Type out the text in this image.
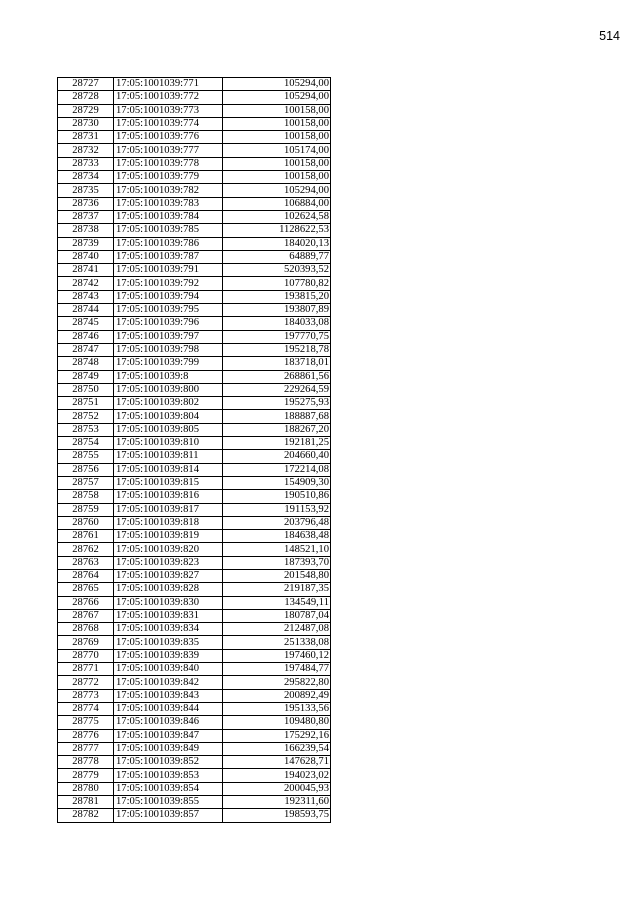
514
28727	17:05:1001039:771	105294,00
28728	17:05:1001039:772	105294,00
28729	17:05:1001039:773	100158,00
28730	17:05:1001039:774	100158,00
28731	17:05:1001039:776	100158,00
28732	17:05:1001039:777	105174,00
28733	17:05:1001039:778	100158,00
28734	17:05:1001039:779	100158,00
28735	17:05:1001039:782	105294,00
28736	17:05:1001039:783	106884,00
28737	17:05:1001039:784	102624,58
28738	17:05:1001039:785	1128622,53
28739	17:05:1001039:786	184020,13
28740	17:05:1001039:787	64889,77
28741	17:05:1001039:791	520393,52
28742	17:05:1001039:792	107780,82
28743	17:05:1001039:794	193815,20
28744	17:05:1001039:795	193807,89
28745	17:05:1001039:796	184033,08
28746	17:05:1001039:797	197770,75
28747	17:05:1001039:798	195218,78
28748	17:05:1001039:799	183718,01
28749	17:05:1001039:8	268861,56
28750	17:05:1001039:800	229264,59
28751	17:05:1001039:802	195275,93
28752	17:05:1001039:804	188887,68
28753	17:05:1001039:805	188267,20
28754	17:05:1001039:810	192181,25
28755	17:05:1001039:811	204660,40
28756	17:05:1001039:814	172214,08
28757	17:05:1001039:815	154909,30
28758	17:05:1001039:816	190510,86
28759	17:05:1001039:817	191153,92
28760	17:05:1001039:818	203796,48
28761	17:05:1001039:819	184638,48
28762	17:05:1001039:820	148521,10
28763	17:05:1001039:823	187393,70
28764	17:05:1001039:827	201548,80
28765	17:05:1001039:828	219187,35
28766	17:05:1001039:830	134549,11
28767	17:05:1001039:831	180787,04
28768	17:05:1001039:834	212487,08
28769	17:05:1001039:835	251338,08
28770	17:05:1001039:839	197460,12
28771	17:05:1001039:840	197484,77
28772	17:05:1001039:842	295822,80
28773	17:05:1001039:843	200892,49
28774	17:05:1001039:844	195133,56
28775	17:05:1001039:846	109480,80
28776	17:05:1001039:847	175292,16
28777	17:05:1001039:849	166239,54
28778	17:05:1001039:852	147628,71
28779	17:05:1001039:853	194023,02
28780	17:05:1001039:854	200045,93
28781	17:05:1001039:855	192311,60
28782	17:05:1001039:857	198593,75
